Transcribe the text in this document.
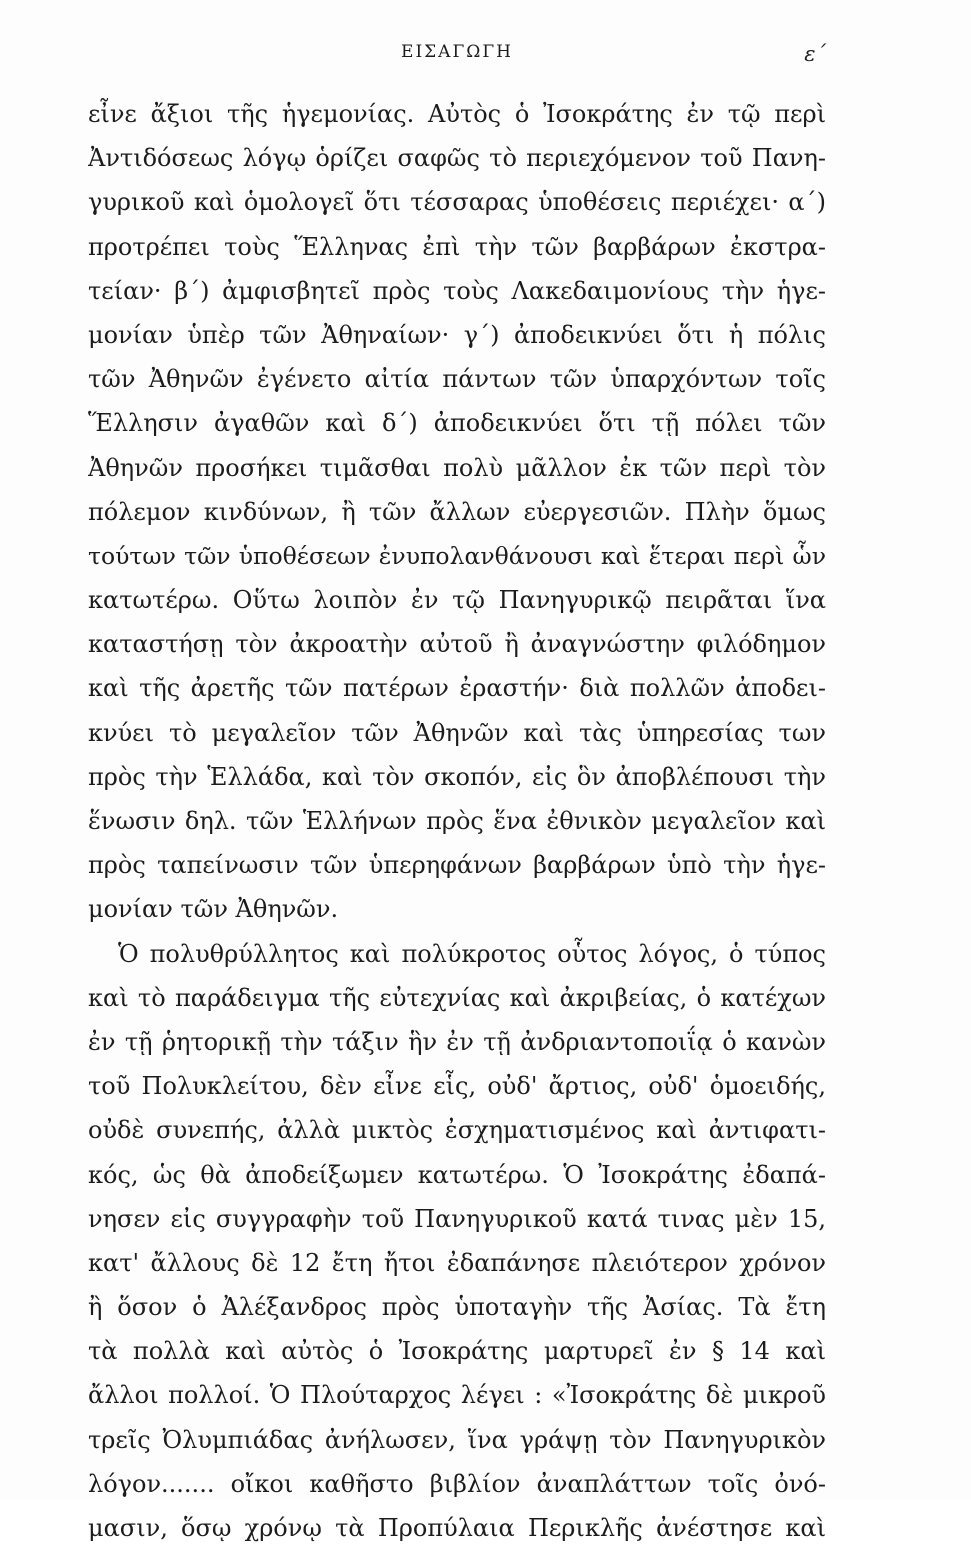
ΕΙΣΑΓΩΓΗ	ε΄
εἶνε ἄξιοι τῆς ἡγεμονίας. Αὐτὸς ὁ Ἰσοκράτης ἐν τῷ περὶ
Ἀντιδόσεως λόγῳ ὁρίζει σαφῶς τὸ περιεχόμενον τοῦ Πανη-
γυρικοῦ καὶ ὁμολογεῖ ὅτι τέσσαρας ὑποθέσεις περιέχει· α΄)
προτρέπει τοὺς Ἕλληνας ἐπὶ τὴν τῶν βαρβάρων ἐκστρα-
τείαν· β΄) ἀμφισβητεῖ πρὸς τοὺς Λακεδαιμονίους τὴν ἡγε-
μονίαν ὑπὲρ τῶν Ἀθηναίων· γ΄) ἀποδεικνύει ὅτι ἡ πόλις
τῶν Ἀθηνῶν ἐγένετο αἰτία πάντων τῶν ὑπαρχόντων τοῖς
Ἕλλησιν ἀγαθῶν καὶ δ΄) ἀποδεικνύει ὅτι τῇ πόλει τῶν
Ἀθηνῶν προσήκει τιμᾶσθαι πολὺ μᾶλλον ἐκ τῶν περὶ τὸν
πόλεμον κινδύνων, ἢ τῶν ἄλλων εὐεργεσιῶν. Πλὴν ὅμως
τούτων τῶν ὑποθέσεων ἐνυπολανθάνουσι καὶ ἕτεραι περὶ ὧν
κατωτέρω. Οὕτω λοιπὸν ἐν τῷ Πανηγυρικῷ πειρᾶται ἵνα
καταστήσῃ τὸν ἀκροατὴν αὐτοῦ ἢ ἀναγνώστην φιλόδημον
καὶ τῆς ἀρετῆς τῶν πατέρων ἐραστήν· διὰ πολλῶν ἀποδει-
κνύει τὸ μεγαλεῖον τῶν Ἀθηνῶν καὶ τὰς ὑπηρεσίας των
πρὸς τὴν Ἑλλάδα, καὶ τὸν σκοπόν, εἰς ὃν ἀποβλέπουσι τὴν
ἕνωσιν δηλ. τῶν Ἑλλήνων πρὸς ἕνα ἐθνικὸν μεγαλεῖον καὶ
πρὸς ταπείνωσιν τῶν ὑπερηφάνων βαρβάρων ὑπὸ τὴν ἡγε-
μονίαν τῶν Ἀθηνῶν.
Ὁ πολυθρύλλητος καὶ πολύκροτος οὗτος λόγος, ὁ τύπος
καὶ τὸ παράδειγμα τῆς εὐτεχνίας καὶ ἀκριβείας, ὁ κατέχων
ἐν τῇ ῥητορικῇ τὴν τάξιν ἣν ἐν τῇ ἀνδριαντοποιΐᾳ ὁ κανὼν
τοῦ Πολυκλείτου, δὲν εἶνε εἷς, οὐδ' ἄρτιος, οὐδ' ὁμοειδής,
οὐδὲ συνεπής, ἀλλὰ μικτὸς ἐσχηματισμένος καὶ ἀντιφατι-
κός, ὡς θὰ ἀποδείξωμεν κατωτέρω. Ὁ Ἰσοκράτης ἐδαπά-
νησεν εἰς συγγραφὴν τοῦ Πανηγυρικοῦ κατά τινας μὲν 15,
κατ' ἄλλους δὲ 12 ἔτη ἤτοι ἐδαπάνησε πλειότερον χρόνον
ἢ ὅσον ὁ Ἀλέξανδρος πρὸς ὑποταγὴν τῆς Ἀσίας. Τὰ ἔτη
τὰ πολλὰ καὶ αὐτὸς ὁ Ἰσοκράτης μαρτυρεῖ ἐν § 14 καὶ
ἄλλοι πολλοί. Ὁ Πλούταρχος λέγει : «Ἰσοκράτης δὲ μικροῦ
τρεῖς Ὀλυμπιάδας ἀνήλωσεν, ἵνα γράψῃ τὸν Πανηγυρικὸν
λόγον....... οἴκοι καθῆστο βιβλίον ἀναπλάττων τοῖς ὀνό-
μασιν, ὅσῳ χρόνῳ τὰ Προπύλαια Περικλῆς ἀνέστησε καὶ
